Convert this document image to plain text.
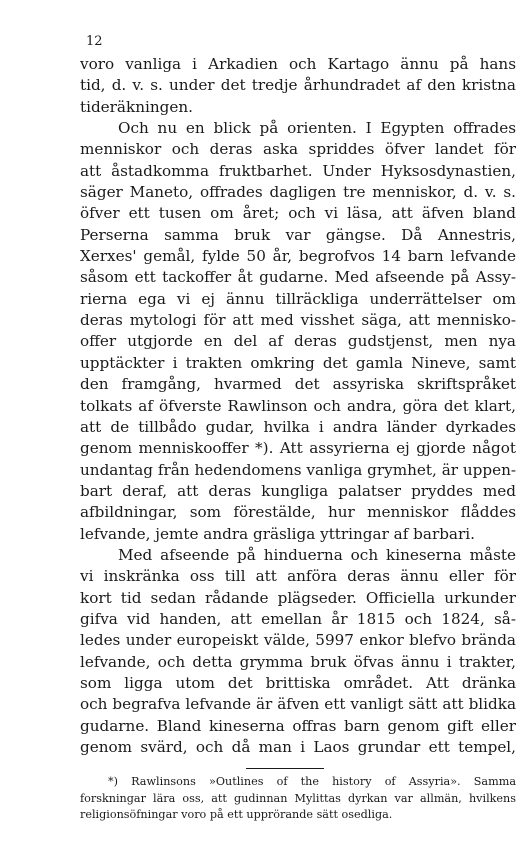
12
voro vanliga i Arkadien och Kartago ännu på hans
tid, d. v. s. under det tredje århundradet af den kristna
tideräkningen.
Och nu en blick på orienten. I Egypten offrades
menniskor och deras aska spriddes öfver landet för
att åstadkomma fruktbarhet. Under Hyksosdynastien,
säger Maneto, offrades dagligen tre menniskor, d. v. s.
öfver ett tusen om året; och vi läsa, att äfven bland
Perserna samma bruk var gängse. Då Annestris,
Xerxes' gemål, fylde 50 år, begrofvos 14 barn lefvande
såsom ett tackoffer åt gudarne. Med afseende på Assy-
rierna ega vi ej ännu tillräckliga underrättelser om
deras mytologi för att med visshet säga, att mennisko-
offer utgjorde en del af deras gudstjenst, men nya
upptäckter i trakten omkring det gamla Nineve, samt
den framgång, hvarmed det assyriska skriftspråket
tolkats af öfverste Rawlinson och andra, göra det klart,
att de tillbådo gudar, hvilka i andra länder dyrkades
genom menniskooffer *). Att assyrierna ej gjorde något
undantag från hedendomens vanliga grymhet, är uppen-
bart deraf, att deras kungliga palatser pryddes med
afbildningar, som förestälde, hur menniskor flåddes
lefvande, jemte andra gräsliga yttringar af barbari.
Med afseende på hinduerna och kineserna måste
vi inskränka oss till att anföra deras ännu eller för
kort tid sedan rådande plägseder. Officiella urkunder
gifva vid handen, att emellan år 1815 och 1824, så-
ledes under europeiskt välde, 5997 enkor blefvo brända
lefvande, och detta grymma bruk öfvas ännu i trakter,
som ligga utom det brittiska området. Att dränka
och begrafva lefvande är äfven ett vanligt sätt att blidka
gudarne. Bland kineserna offras barn genom gift eller
genom svärd, och då man i Laos grundar ett tempel,
*) Rawlinsons »Outlines of the history of Assyria». Samma
forskningar lära oss, att gudinnan Mylittas dyrkan var allmän, hvilkens
religionsöfningar voro på ett upprörande sätt osedliga.
